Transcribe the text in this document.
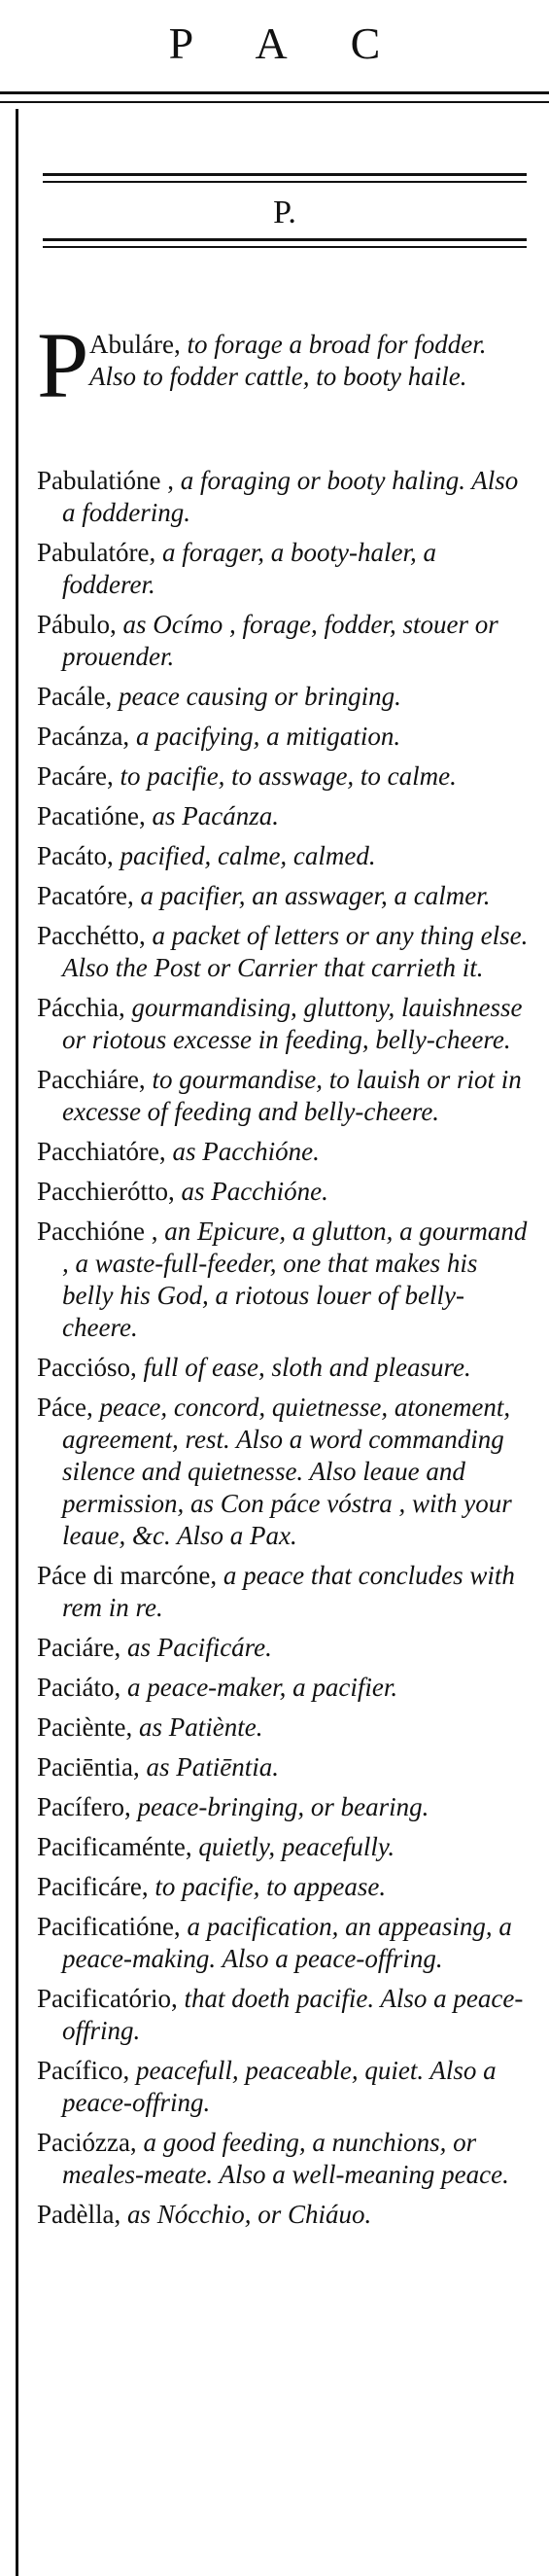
P A C
P.

P Abuláre, to forage a broad for fodder. Also to fodder cattle, to booty haile.

Pabulatióne , a foraging or booty haling. Also a foddering.

Pabulatóre, a forager, a booty-haler, a fodderer.

Pábulo, as Ocímo , forage, fodder, stouer or prouender.

Pacále, peace causing or bringing.

Pacánza, a pacifying, a mitigation.

Pacáre, to pacifie, to asswage, to calme.

Pacatióne, as Pacánza.

Pacáto, pacified, calme, calmed.

Pacatóre, a pacifier, an asswager, a calmer.

Pacchétto, a packet of letters or any thing else. Also the Post or Carrier that carrieth it.

Pácchia, gourmandising, gluttony, lauishnesse or riotous excesse in feeding, belly-cheere.

Pacchiáre, to gourmandise, to lauish or riot in excesse of feeding and belly-cheere.

Pacchiatóre, as Pacchióne.

Pacchierótto, as Pacchióne.

Pacchióne , an Epicure, a glutton, a gourmand , a waste-full-feeder, one that makes his belly his God, a riotous louer of belly-cheere.

Paccióso, full of ease, sloth and pleasure.

Páce, peace, concord, quietnesse, atonement, agreement, rest. Also a word commanding silence and quietnesse. Also leaue and permission, as Con páce vóstra , with your leaue, &c. Also a Pax.

Páce di marcóne, a peace that concludes with rem in re.

Paciáre, as Pacificáre.

Paciáto, a peace-maker, a pacifier.

Paciènte, as Patiènte.

Paciēntia, as Patiēntia.

Pacífero, peace-bringing, or bearing.

Pacificaménte, quietly, peacefully.

Pacificáre, to pacifie, to appease.

Pacificatióne, a pacification, an appeasing, a peace-making. Also a peace-offring.

Pacificatório, that doeth pacifie. Also a peace-offring.

Pacífico, peacefull, peaceable, quiet. Also a peace-offring.

Paciózza, a good feeding, a nunchions, or meales-meate. Also a well-meaning peace.

Padèlla, as Nócchio, or Chiáuo.
